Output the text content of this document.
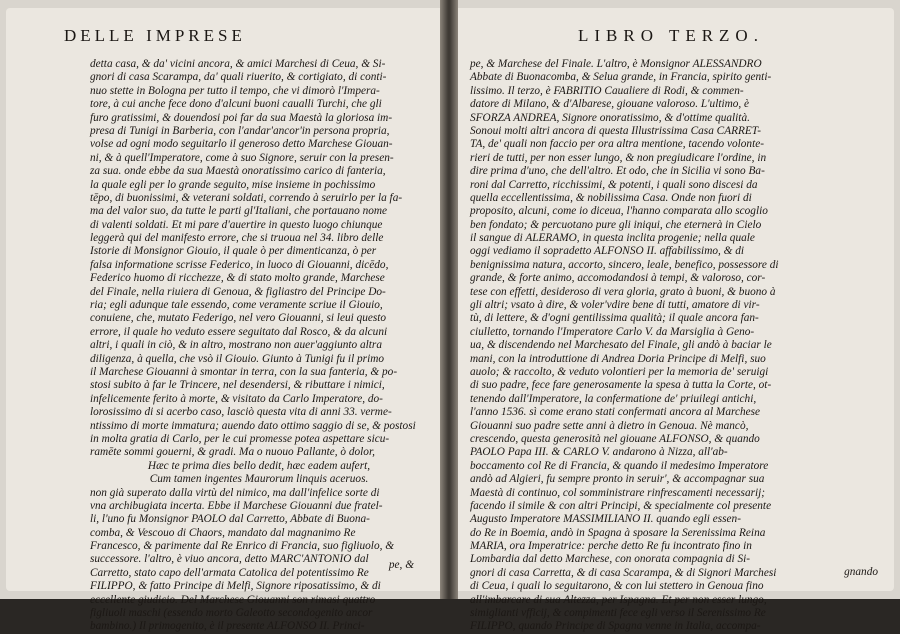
DELLE IMPRESE
detta casa, & da' vicini ancora, & amici Marchesi di Ceua, & Si-
gnori di casa Scarampa, da' quali riuerito, & cortigiato, di conti-
nuo stette in Bologna per tutto il tempo, che vi dimorò l'Impera-
tore, à cui anche fece dono d'alcuni buoni caualli Turchi, che gli
furo gratissimi, & douendosi poi far da sua Maestà la gloriosa im-
presa di Tunigi in Barberia, con l'andar'ancor'in persona propria,
volse ad ogni modo seguitarlo il generoso detto Marchese Giouan-
ni, & à quell'Imperatore, come à suo Signore, seruir con la presen-
za sua. onde ebbe da sua Maestà onoratissimo carico di fanteria,
la quale egli per lo grande seguito, mise insieme in pochissimo
tēpo, di buonissimi, & veterani soldati, correndo à seruirlo per la fa-
ma del valor suo, da tutte le parti gl'Italiani, che portauano nome
di valenti soldati. Et mi pare d'auertire in questo luogo chiunque
leggerà qui del manifesto errore, che si truoua nel 34. libro delle
Istorie di Monsignor Giouio, il quale ò per dimenticanza, ò per
falsa informatione scrisse Federico, in luoco di Giouanni, dicēdo,
Federico huomo di ricchezze, & di stato molto grande, Marchese
del Finale, nella riuiera di Genoua, & figliastro del Principe Do-
ria; egli adunque tale essendo, come veramente scriue il Giouio,
conuiene, che, mutato Federigo, nel vero Giouanni, si leui questo
errore, il quale ho veduto essere seguitato dal Rosco, & da alcuni
altri, i quali in ciò, & in altro, mostrano non auer'aggiunto altra
diligenza, à quella, che vsò il Giouio. Giunto à Tunigi fu il primo
il Marchese Giouanni à smontar in terra, con la sua fanteria, & po-
stosi subito à far le Trincere, nel desendersi, & ributtare i nimici,
infelicemente ferito à morte, & visitato da Carlo Imperatore, do-
lorosissimo di si acerbo caso, lasciò questa vita di anni 33. verme-
ntissimo di morte immatura; auendo dato ottimo saggio di se, & postosi
in molta gratia di Carlo, per le cui promesse potea aspettare sicu-
ramēte sommi gouerni, & gradi. Ma o nuouo Pallante, ò dolor,
Hæc te prima dies bello dedit, hæc eadem aufert,
Cum tamen ingentes Maurorum linquis aceruos.
non già superato dalla virtù del nimico, ma dall'infelice sorte di
vna archibugiata incerta. Ebbe il Marchese Giouanni due fratel-
li, l'uno fu Monsignor PAOLO dal Carretto, Abbate di Buona-
comba, & Vescouo di Chaors, mandato dal magnanimo Re
Francesco, & parimente dal Re Enrico di Francia, suo figliuolo, &
successore. l'altro, è viuo ancora, detto MARC'ANTONIO dal
Carretto, stato capo dell'armata Catolica del potentissimo Re
FILIPPO, & fatto Principe di Melfi, Signore riposatissimo, & di
eccellente giudicio. Del Marchese Giouanni son rimasi quattro
figliuoli maschi (essendo morto Galeotto secondogenito ancor
bambino.) Il primogenito, è il presente ALFONSO II. Princi-
pe, &
LIBRO TERZO.
pe, & Marchese del Finale. L'altro, è Monsignor ALESSANDRO
Abbate di Buonacomba, & Selua grande, in Francia, spirito genti-
lissimo. Il terzo, è FABRITIO Caualiere di Rodi, & commen-
datore di Milano, & d'Albarese, giouane valoroso. L'ultimo, è
SFORZA ANDREA, Signore onoratissimo, & d'ottime qualità.
Sonoui molti altri ancora di questa Illustrissima Casa CARRET-
TA, de' quali non faccio per ora altra mentione, tacendo volonte-
rieri de tutti, per non esser lungo, & non pregiudicare l'ordine, in
dire prima d'uno, che dell'altro. Et odo, che in Sicilia vi sono Ba-
roni dal Carretto, ricchissimi, & potenti, i quali sono discesi da
quella eccellentissima, & nobilissima Casa. Onde non fuori di
proposito, alcuni, come io diceua, l'hanno comparata allo scoglio
ben fondato; & percuotano pure gli iniqui, che eternerà in Cielo
il sangue di ALERAMO, in questa inclita progenie; nella quale
oggi vediamo il sopradetto ALFONSO II. affabilissimo, & di
benignissima natura, accorto, sincero, leale, benefico, possessore di
grande, & forte animo, accomodandosi à tempi, & valoroso, cor-
tese con effetti, desideroso di vera gloria, grato à buoni, & buono à
gli altri; vsato à dire, & voler'vdire bene di tutti, amatore di vir-
tù, di lettere, & d'ogni gentilissima qualità; il quale ancora fan-
ciulletto, tornando l'Imperatore Carlo V. da Marsiglia à Geno-
ua, & discendendo nel Marchesato del Finale, gli andò à baciar le
mani, con la introduttione di Andrea Doria Principe di Melfi, suo
auolo; & raccolto, & veduto volontieri per la memoria de' seruigi
di suo padre, fece fare generosamente la spesa à tutta la Corte, ot-
tenendo dall'Imperatore, la confermatione de' priuilegi antichi,
l'anno 1536. sì come erano stati confermati ancora al Marchese
Giouanni suo padre sette anni à dietro in Genoua. Nè mancò,
crescendo, questa generosità nel giouane ALFONSO, & quando
PAOLO Papa III. & CARLO V. andarono à Nizza, all'ab-
boccamento col Re di Francia, & quando il medesimo Imperatore
andò ad Algieri, fu sempre pronto in seruir', & accompagnar sua
Maestà di continuo, col somministrare rinfrescamenti necessarij;
facendo il simile & con altri Principi, & specialmente col presente
Augusto Imperatore MASSIMILIANO II. quando egli essen-
do Re in Boemia, andò in Spagna à sposare la Serenissima Reina
MARIA, ora Imperatrice: perche detto Re fu incontrato fino in
Lombardia dal detto Marchese, con onorata compagnia di Si-
gnori di casa Carretta, & di casa Scarampa, & di Signori Marchesi
di Ceua, i quali lo seguitarono, & con lui stettero in Genoua fino
all'imbarcare di sua Altezza, per Ispagna. Et per non esser lungo,
simiglianti vfficij, & compimenti fece egli verso il Serenissimo Re
FILIPPO, quando Principe di Spagna venne in Italia, accompa-
gnando
